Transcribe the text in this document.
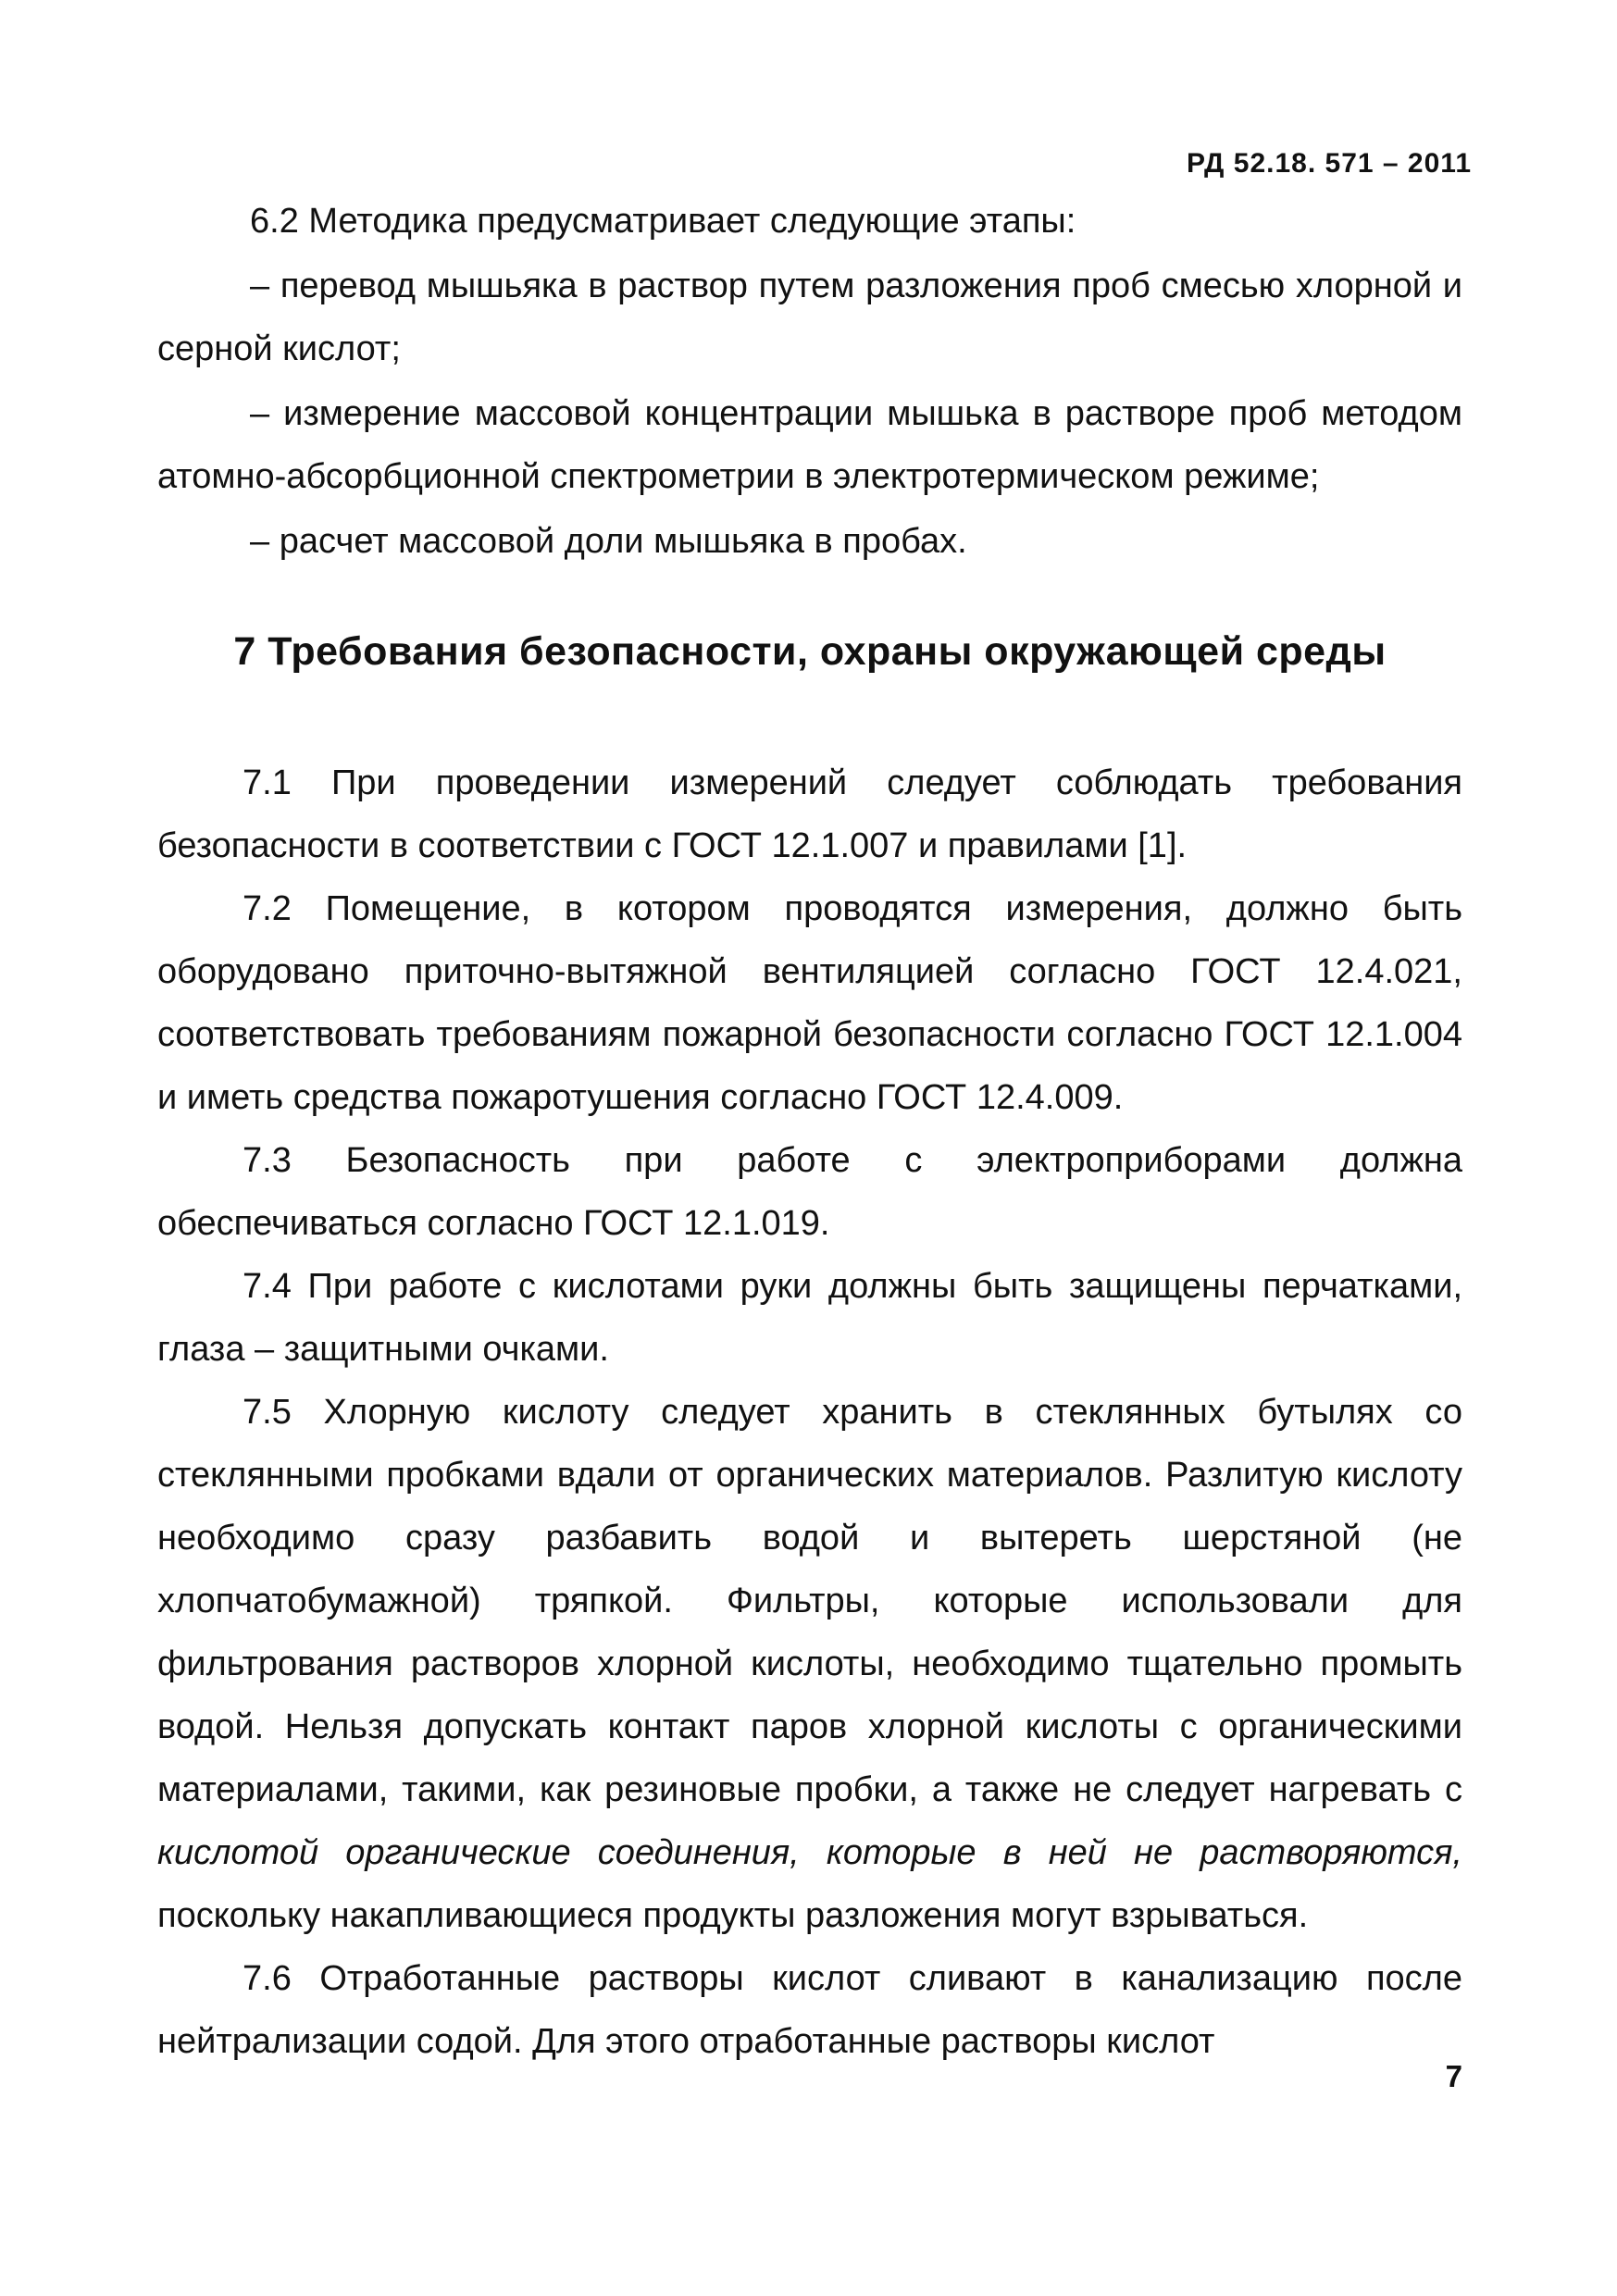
РД 52.18. 571 – 2011

6.2 Методика предусматривает следующие этапы:

– перевод мышьяка в раствор путем разложения проб смесью хлорной и серной кислот;

– измерение массовой концентрации мышька в растворе проб методом атомно-абсорбционной спектрометрии в электротермическом режиме;

– расчет массовой доли мышьяка в пробах.

7 Требования безопасности, охраны окружающей среды

7.1 При проведении измерений следует соблюдать требования безопасности в соответствии с ГОСТ 12.1.007 и правилами [1].

7.2 Помещение, в котором проводятся измерения, должно быть оборудовано приточно-вытяжной вентиляцией согласно ГОСТ 12.4.021, соответствовать требованиям пожарной безопасности согласно ГОСТ 12.1.004 и иметь средства пожаротушения согласно ГОСТ 12.4.009.

7.3 Безопасность при работе с электроприборами должна обеспечиваться согласно ГОСТ 12.1.019.

7.4 При работе с кислотами руки должны быть защищены перчатками, глаза – защитными очками.

7.5 Хлорную кислоту следует хранить в стеклянных бутылях со стеклянными пробками вдали от органических материалов. Разлитую кислоту необходимо сразу разбавить водой и вытереть шерстяной (не хлопчатобумажной) тряпкой. Фильтры, которые использовали для фильтрования растворов хлорной кислоты, необходимо тщательно промыть водой. Нельзя допускать контакт паров хлорной кислоты с органическими материалами, такими, как резиновые пробки, а также не следует нагревать с кислотой органические соединения, которые в ней не растворяются, поскольку накапливающиеся продукты разложения могут взрываться.

7.6 Отработанные растворы кислот сливают в канализацию после нейтрализации содой. Для этого отработанные растворы кислот

7
